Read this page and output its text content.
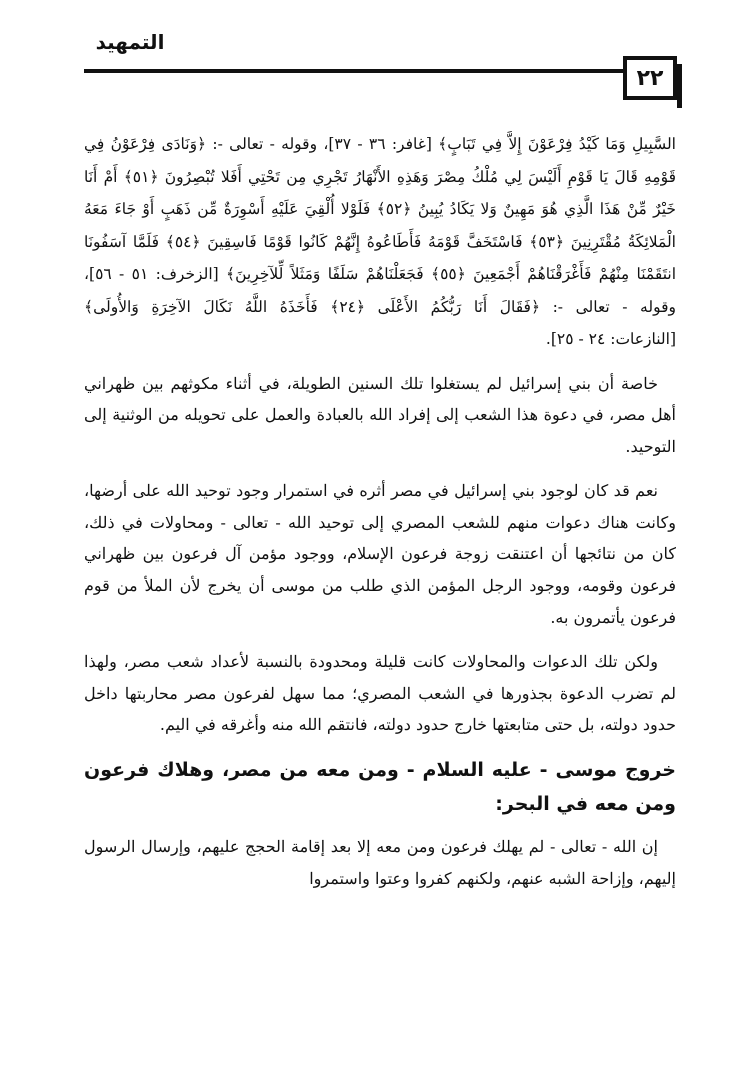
التمهيد
٢٢
السَّبِيلِ وَمَا كَيْدُ فِرْعَوْنَ إِلاَّ فِي تَبَابٍ﴾ [غافر: ٣٦ - ٣٧]، وقوله - تعالى -: ﴿وَنَادَى فِرْعَوْنُ فِي قَوْمِهِ قَالَ يَا قَوْمِ أَلَيْسَ لِي مُلْكُ مِصْرَ وَهَذِهِ الأَنْهَارُ تَجْرِي مِن تَحْتِي أَفَلا تُبْصِرُونَ ﴿٥١﴾ أَمْ أَنَا خَيْرٌ مِّنْ هَذَا الَّذِي هُوَ مَهِينٌ وَلا يَكَادُ يُبِينُ ﴿٥٢﴾ فَلَوْلا أُلْقِيَ عَلَيْهِ أَسْوِرَةٌ مِّن ذَهَبٍ أَوْ جَاءَ مَعَهُ الْمَلائِكَةُ مُقْتَرِنِينَ ﴿٥٣﴾ فَاسْتَخَفَّ قَوْمَهُ فَأَطَاعُوهُ إِنَّهُمْ كَانُوا قَوْمًا فَاسِقِينَ ﴿٥٤﴾ فَلَمَّا آسَفُونَا انتَقَمْنَا مِنْهُمْ فَأَغْرَقْنَاهُمْ أَجْمَعِينَ ﴿٥٥﴾ فَجَعَلْنَاهُمْ سَلَفًا وَمَثَلاً لِّلآخِرِينَ﴾ [الزخرف: ٥١ - ٥٦]، وقوله - تعالى -: ﴿فَقَالَ أَنَا رَبُّكُمُ الأَعْلَى ﴿٢٤﴾ فَأَخَذَهُ اللَّهُ نَكَالَ الآخِرَةِ وَالأُولَى﴾ [النازعات: ٢٤ - ٢٥].

خاصة أن بني إسرائيل لم يستغلوا تلك السنين الطويلة، في أثناء مكوثهم بين ظهراني أهل مصر، في دعوة هذا الشعب إلى إفراد الله بالعبادة والعمل على تحويله من الوثنية إلى التوحيد.

نعم قد كان لوجود بني إسرائيل في مصر أثره في استمرار وجود توحيد الله على أرضها، وكانت هناك دعوات منهم للشعب المصري إلى توحيد الله - تعالى - ومحاولات في ذلك، كان من نتائجها أن اعتنقت زوجة فرعون الإسلام، ووجود مؤمن آل فرعون بين ظهراني فرعون وقومه، ووجود الرجل المؤمن الذي طلب من موسى أن يخرج لأن الملأ من قوم فرعون يأتمرون به.

ولكن تلك الدعوات والمحاولات كانت قليلة ومحدودة بالنسبة لأعداد شعب مصر، ولهذا لم تضرب الدعوة بجذورها في الشعب المصري؛ مما سهل لفرعون مصر محاربتها داخل حدود دولته، بل حتى متابعتها خارج حدود دولته، فانتقم الله منه وأغرقه في اليم.

خروج موسى - عليه السلام - ومن معه من مصر، وهلاك فرعون ومن معه في البحر:

إن الله - تعالى - لم يهلك فرعون ومن معه إلا بعد إقامة الحجج عليهم، وإرسال الرسول إليهم، وإزاحة الشبه عنهم، ولكنهم كفروا وعتوا واستمروا
